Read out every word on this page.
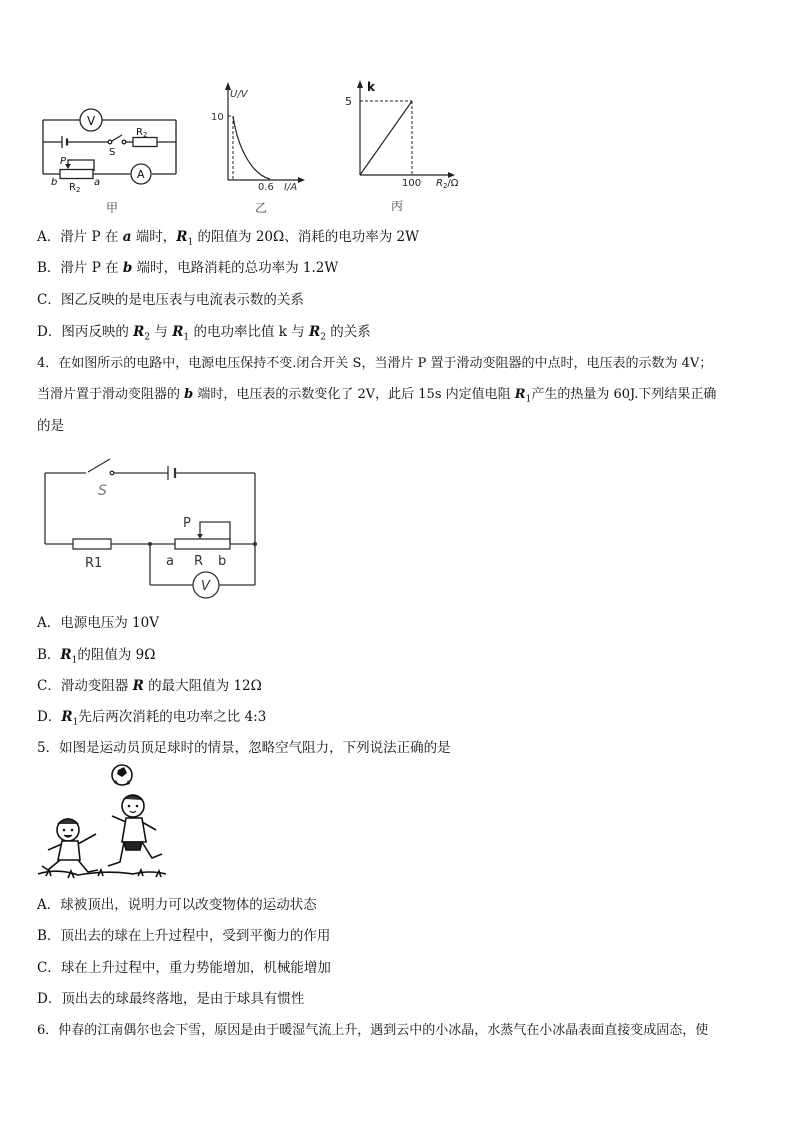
V
S
$R_2$
P
$R_2$
b	a
A
甲
U/V
10
0.6 I/A
乙
k
5
100 $R_2/\Omega$
丙
A．滑片 P 在 a 端时，$R_1$ 的阻值为 20Ω、消耗的电功率为 2W
B．滑片 P 在 b 端时，电路消耗的总功率为 1.2W
C．图乙反映的是电压表与电流表示数的关系
D．图丙反映的 $R_2$ 与 $R_1$ 的电功率比值 k 与 $R_2$ 的关系
4．在如图所示的电路中，电源电压保持不变.闭合开关 S，当滑片 P 置于滑动变阻器的中点时，电压表的示数为 4V；
当滑片置于滑动变阻器的 b 端时，电压表的示数变化了 2V，此后 15s 内定值电阻 $R_1$产生的热量为 60J.下列结果正确
的是
S
R1
P
a R b
V
A．电源电压为 10V
B．$R_1$的阻值为 9Ω
C．滑动变阻器 R 的最大阻值为 12Ω
D．$R_1$先后两次消耗的电功率之比 4:3
5．如图是运动员顶足球时的情景，忽略空气阻力，下列说法正确的是
A．球被顶出，说明力可以改变物体的运动状态
B．顶出去的球在上升过程中，受到平衡力的作用
C．球在上升过程中，重力势能增加，机械能增加
D．顶出去的球最终落地，是由于球具有惯性
6．仲春的江南偶尔也会下雪，原因是由于暖湿气流上升，遇到云中的小冰晶，水蒸气在小冰晶表面直接变成固态，使
